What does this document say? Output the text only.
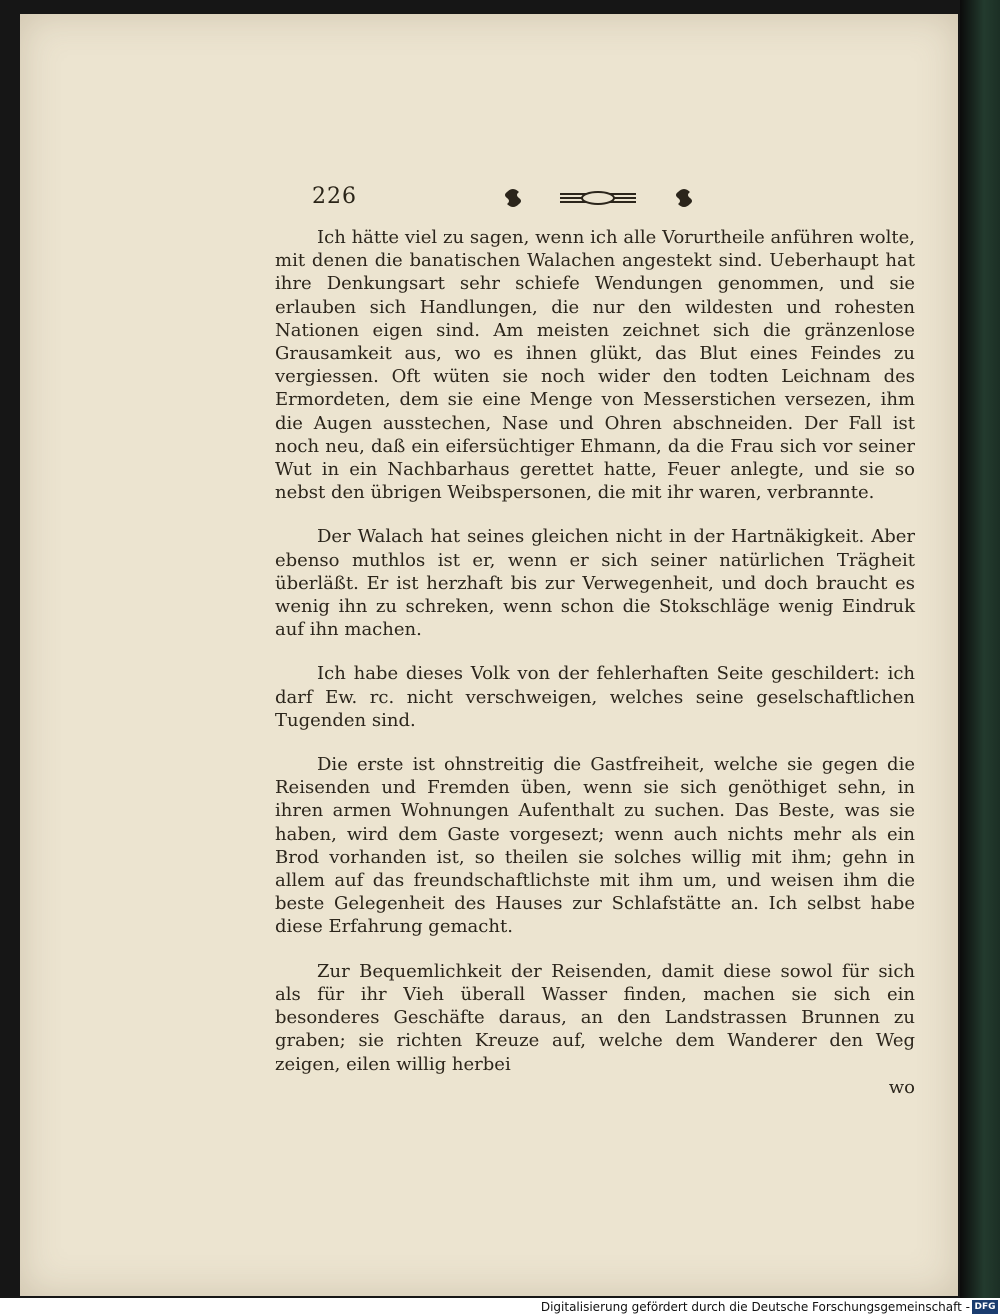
226

Ich hätte viel zu sagen, wenn ich alle Vorurtheile anführen wolte, mit denen die banatischen Walachen angestekt sind. Ueberhaupt hat ihre Denkungsart sehr schiefe Wendungen genommen, und sie erlauben sich Handlungen, die nur den wildesten und rohesten Nationen eigen sind. Am meisten zeichnet sich die gränzenlose Grausamkeit aus, wo es ihnen glükt, das Blut eines Feindes zu vergiessen. Oft wüten sie noch wider den todten Leichnam des Ermordeten, dem sie eine Menge von Messerstichen versezen, ihm die Augen ausstechen, Nase und Ohren abschneiden. Der Fall ist noch neu, daß ein eifersüchtiger Ehmann, da die Frau sich vor seiner Wut in ein Nachbarhaus gerettet hatte, Feuer anlegte, und sie so nebst den übrigen Weibspersonen, die mit ihr waren, verbrannte.

Der Walach hat seines gleichen nicht in der Hartnäkigkeit. Aber ebenso muthlos ist er, wenn er sich seiner natürlichen Trägheit überläßt. Er ist herzhaft bis zur Verwegenheit, und doch braucht es wenig ihn zu schreken, wenn schon die Stokschläge wenig Eindruk auf ihn machen.

Ich habe dieses Volk von der fehlerhaften Seite geschildert: ich darf Ew. rc. nicht verschweigen, welches seine geselschaftlichen Tugenden sind.

Die erste ist ohnstreitig die Gastfreiheit, welche sie gegen die Reisenden und Fremden üben, wenn sie sich genöthiget sehn, in ihren armen Wohnungen Aufenthalt zu suchen. Das Beste, was sie haben, wird dem Gaste vorgesezt; wenn auch nichts mehr als ein Brod vorhanden ist, so theilen sie solches willig mit ihm; gehn in allem auf das freundschaftlichste mit ihm um, und weisen ihm die beste Gelegenheit des Hauses zur Schlafstätte an. Ich selbst habe diese Erfahrung gemacht.

Zur Bequemlichkeit der Reisenden, damit diese sowol für sich als für ihr Vieh überall Wasser finden, machen sie sich ein besonderes Geschäfte daraus, an den Landstrassen Brunnen zu graben; sie richten Kreuze auf, welche dem Wanderer den Weg zeigen, eilen willig herbei

wo
Digitalisierung gefördert durch die Deutsche Forschungsgemeinschaft - DFG
